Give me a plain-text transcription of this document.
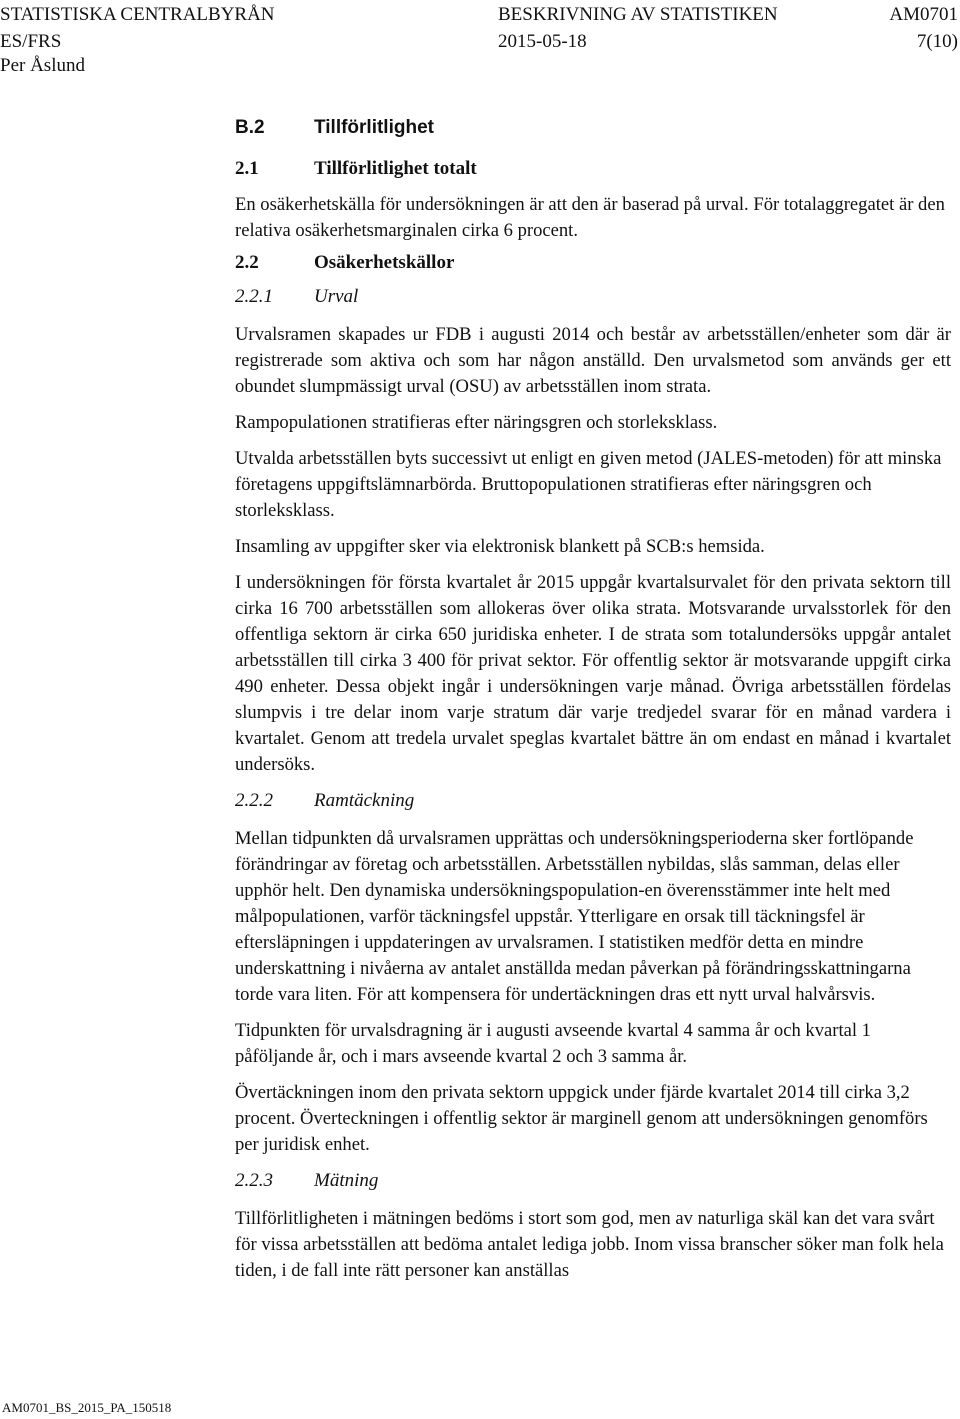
STATISTISKA CENTRALBYRÅN	BESKRIVNING AV STATISTIKEN	AM0701
ES/FRS	2015-05-18	7(10)
Per Åslund
B.2	Tillförlitlighet
2.1	Tillförlitlighet totalt

En osäkerhetskälla för undersökningen är att den är baserad på urval. För totalaggregatet är den relativa osäkerhetsmarginalen cirka 6 procent.

2.2	Osäkerhetskällor
2.2.1	Urval

Urvalsramen skapades ur FDB i augusti 2014 och består av arbetsställen/enheter som där är registrerade som aktiva och som har någon anställd. Den urvalsmetod som används ger ett obundet slumpmässigt urval (OSU) av arbetsställen inom strata.

Rampopulationen stratifieras efter näringsgren och storleksklass.

Utvalda arbetsställen byts successivt ut enligt en given metod (JALES-metoden) för att minska företagens uppgiftslämnarbörda. Bruttopopulationen stratifieras efter näringsgren och storleksklass.

Insamling av uppgifter sker via elektronisk blankett på SCB:s hemsida.

I undersökningen för första kvartalet år 2015 uppgår kvartalsurvalet för den privata sektorn till cirka 16 700 arbetsställen som allokeras över olika strata. Motsvarande urvalsstorlek för den offentliga sektorn är cirka 650 juridiska enheter. I de strata som totalundersöks uppgår antalet arbetsställen till cirka 3 400 för privat sektor. För offentlig sektor är motsvarande uppgift cirka 490 enheter. Dessa objekt ingår i undersökningen varje månad. Övriga arbetsställen fördelas slumpvis i tre delar inom varje stratum där varje tredjedel svarar för en månad vardera i kvartalet. Genom att tredela urvalet speglas kvartalet bättre än om endast en månad i kvartalet undersöks.

2.2.2	Ramtäckning

Mellan tidpunkten då urvalsramen upprättas och undersökningsperioderna sker fortlöpande förändringar av företag och arbetsställen. Arbetsställen nybildas, slås samman, delas eller upphör helt. Den dynamiska undersökningspopulation-en överensstämmer inte helt med målpopulationen, varför täckningsfel uppstår. Ytterligare en orsak till täckningsfel är eftersläpningen i uppdateringen av urvalsramen. I statistiken medför detta en mindre underskattning i nivåerna av antalet anställda medan påverkan på förändringsskattningarna torde vara liten. För att kompensera för undertäckningen dras ett nytt urval halvårsvis.

Tidpunkten för urvalsdragning är i augusti avseende kvartal 4 samma år och kvartal 1 påföljande år, och i mars avseende kvartal 2 och 3 samma år.

Övertäckningen inom den privata sektorn uppgick under fjärde kvartalet 2014 till cirka 3,2 procent. Överteckningen i offentlig sektor är marginell genom att undersökningen genomförs per juridisk enhet.

2.2.3	Mätning

Tillförlitligheten i mätningen bedöms i stort som god, men av naturliga skäl kan det vara svårt för vissa arbetsställen att bedöma antalet lediga jobb. Inom vissa branscher söker man folk hela tiden, i de fall inte rätt personer kan anställas

AM0701_BS_2015_PA_150518
